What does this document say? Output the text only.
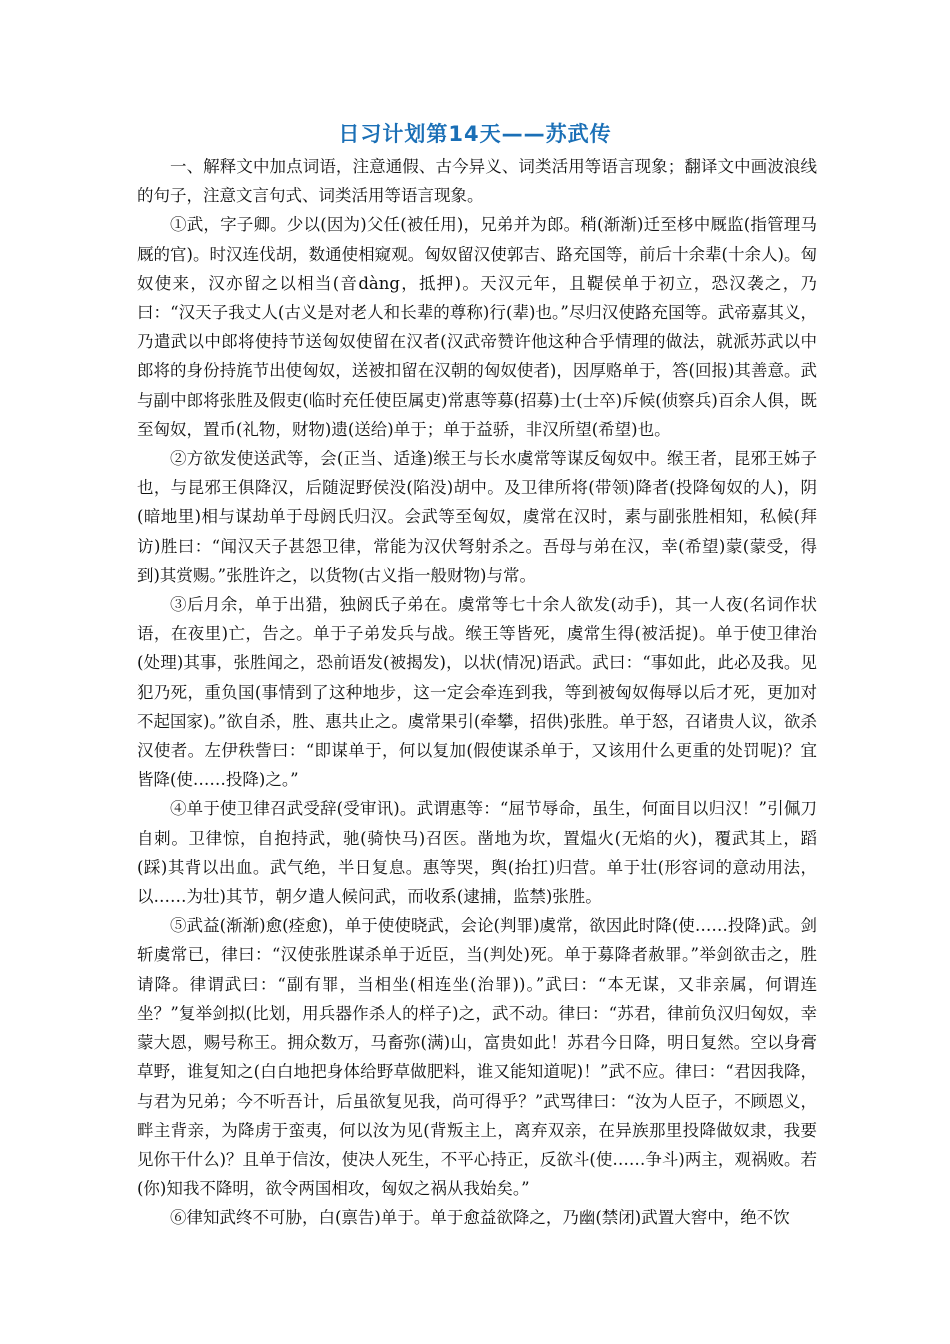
日习计划第14天——苏武传

一、解释文中加点词语，注意通假、古今异义、词类活用等语言现象；翻译文中画波浪线的句子，注意文言句式、词类活用等语言现象。

①武，字子卿。少以(因为)父任(被任用)，兄弟并为郎。稍(渐渐)迁至栘中厩监(指管理马厩的官)。时汉连伐胡，数通使相窥观。匈奴留汉使郭吉、路充国等，前后十余辈(十余人)。匈奴使来，汉亦留之以相当(音dàng，抵押)。天汉元年，且鞮侯单于初立，恐汉袭之，乃曰：“汉天子我丈人(古义是对老人和长辈的尊称)行(辈)也。”尽归汉使路充国等。武帝嘉其义，乃遣武以中郎将使持节送匈奴使留在汉者(汉武帝赞许他这种合乎情理的做法，就派苏武以中郎将的身份持旄节出使匈奴，送被扣留在汉朝的匈奴使者)，因厚赂单于，答(回报)其善意。武与副中郎将张胜及假吏(临时充任使臣属吏)常惠等募(招募)士(士卒)斥候(侦察兵)百余人俱，既至匈奴，置币(礼物，财物)遗(送给)单于；单于益骄，非汉所望(希望)也。

②方欲发使送武等，会(正当、适逢)缑王与长水虞常等谋反匈奴中。缑王者，昆邪王姊子也，与昆邪王俱降汉，后随浞野侯没(陷没)胡中。及卫律所将(带领)降者(投降匈奴的人)，阴(暗地里)相与谋劫单于母阏氏归汉。会武等至匈奴，虞常在汉时，素与副张胜相知，私候(拜访)胜曰：“闻汉天子甚怨卫律，常能为汉伏弩射杀之。吾母与弟在汉，幸(希望)蒙(蒙受，得到)其赏赐。”张胜许之，以货物(古义指一般财物)与常。

③后月余，单于出猎，独阏氏子弟在。虞常等七十余人欲发(动手)，其一人夜(名词作状语，在夜里)亡，告之。单于子弟发兵与战。缑王等皆死，虞常生得(被活捉)。单于使卫律治(处理)其事，张胜闻之，恐前语发(被揭发)，以状(情况)语武。武曰：“事如此，此必及我。见犯乃死，重负国(事情到了这种地步，这一定会牵连到我，等到被匈奴侮辱以后才死，更加对不起国家)。”欲自杀，胜、惠共止之。虞常果引(牵攀，招供)张胜。单于怒，召诸贵人议，欲杀汉使者。左伊秩訾曰：“即谋单于，何以复加(假使谋杀单于，又该用什么更重的处罚呢)？宜皆降(使……投降)之。”

④单于使卫律召武受辞(受审讯)。武谓惠等：“屈节辱命，虽生，何面目以归汉！”引佩刀自刺。卫律惊，自抱持武，驰(骑快马)召医。凿地为坎，置煴火(无焰的火)，覆武其上，蹈(踩)其背以出血。武气绝，半日复息。惠等哭，舆(抬扛)归营。单于壮(形容词的意动用法，以……为壮)其节，朝夕遣人候问武，而收系(逮捕，监禁)张胜。

⑤武益(渐渐)愈(痊愈)，单于使使晓武，会论(判罪)虞常，欲因此时降(使……投降)武。剑斩虞常已，律曰：“汉使张胜谋杀单于近臣，当(判处)死。单于募降者赦罪。”举剑欲击之，胜请降。律谓武曰：“副有罪，当相坐(相连坐(治罪))。”武曰：“本无谋，又非亲属，何谓连坐？”复举剑拟(比划，用兵器作杀人的样子)之，武不动。律曰：“苏君，律前负汉归匈奴，幸蒙大恩，赐号称王。拥众数万，马畜弥(满)山，富贵如此！苏君今日降，明日复然。空以身膏草野，谁复知之(白白地把身体给野草做肥料，谁又能知道呢)！”武不应。律曰：“君因我降，与君为兄弟；今不听吾计，后虽欲复见我，尚可得乎？”武骂律曰：“汝为人臣子，不顾恩义，畔主背亲，为降虏于蛮夷，何以汝为见(背叛主上，离弃双亲，在异族那里投降做奴隶，我要见你干什么)？且单于信汝，使决人死生，不平心持正，反欲斗(使……争斗)两主，观祸败。若(你)知我不降明，欲令两国相攻，匈奴之祸从我始矣。”

⑥律知武终不可胁，白(禀告)单于。单于愈益欲降之，乃幽(禁闭)武置大窖中，绝不饮
